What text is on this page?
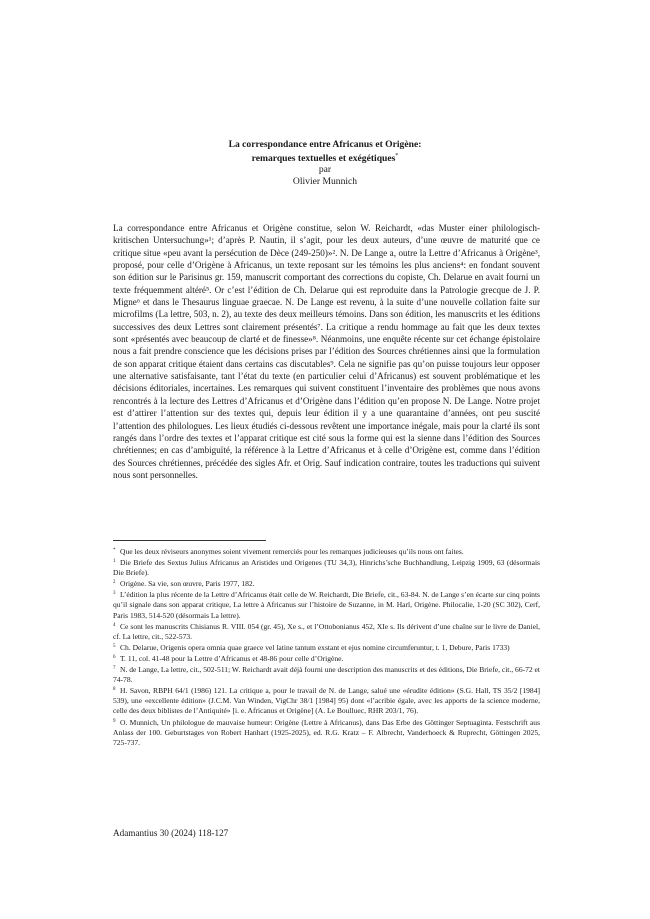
La correspondance entre Africanus et Origène:
remarques textuelles et exégétiques*
par
Olivier Munnich

La correspondance entre Africanus et Origène constitue, selon W. Reichardt, «das Muster einer philologisch-kritischen Untersuchung»¹; d’après P. Nautin, il s’agit, pour les deux auteurs, d’une œuvre de maturité que ce critique situe «peu avant la persécution de Dèce (249-250)»². N. De Lange a, outre la Lettre d’Africanus à Origène³, proposé, pour celle d’Origène à Africanus, un texte reposant sur les témoins les plus anciens⁴: en fondant souvent son édition sur le Parisinus gr. 159, manuscrit comportant des corrections du copiste, Ch. Delarue en avait fourni un texte fréquemment altéré⁵. Or c’est l’édition de Ch. Delarue qui est reproduite dans la Patrologie grecque de J. P. Migne⁶ et dans le Thesaurus linguae graecae. N. De Lange est revenu, à la suite d’une nouvelle collation faite sur microfilms (La lettre, 503, n. 2), au texte des deux meilleurs témoins. Dans son édition, les manuscrits et les éditions successives des deux Lettres sont clairement présentés⁷. La critique a rendu hommage au fait que les deux textes sont «présentés avec beaucoup de clarté et de finesse»⁸. Néanmoins, une enquête récente sur cet échange épistolaire nous a fait prendre conscience que les décisions prises par l’édition des Sources chrétiennes ainsi que la formulation de son apparat critique étaient dans certains cas discutables⁹. Cela ne signifie pas qu’on puisse toujours leur opposer une alternative satisfaisante, tant l’état du texte (en particulier celui d’Africanus) est souvent problématique et les décisions éditoriales, incertaines. Les remarques qui suivent constituent l’inventaire des problèmes que nous avons rencontrés à la lecture des Lettres d’Africanus et d’Origène dans l’édition qu’en propose N. De Lange. Notre projet est d’attirer l’attention sur des textes qui, depuis leur édition il y a une quarantaine d’années, ont peu suscité l’attention des philologues. Les lieux étudiés ci-dessous revêtent une importance inégale, mais pour la clarté ils sont rangés dans l’ordre des textes et l’apparat critique est cité sous la forme qui est la sienne dans l’édition des Sources chrétiennes; en cas d’ambiguïté, la référence à la Lettre d’Africanus et à celle d’Origène est, comme dans l’édition des Sources chrétiennes, précédée des sigles Afr. et Orig. Sauf indication contraire, toutes les traductions qui suivent nous sont personnelles.

* Que les deux réviseurs anonymes soient vivement remerciés pour les remarques judicieuses qu’ils nous ont faites.

1 Die Briefe des Sextus Julius Africanus an Aristides und Origenes (TU 34,3), Hinrichs’sche Buchhandlung, Leipzig 1909, 63 (désormais Die Briefe).

2 Origène. Sa vie, son œuvre, Paris 1977, 182.

3 L’édition la plus récente de la Lettre d’Africanus était celle de W. Reichardt, Die Briefe, cit., 63-84. N. de Lange s’en écarte sur cinq points qu’il signale dans son apparat critique, La lettre à Africanus sur l’histoire de Suzanne, in M. Harl, Origène. Philocalie, 1-20 (SC 302), Cerf, Paris 1983, 514-520 (désormais La lettre).

4 Ce sont les manuscrits Chisianus R. VIII. 054 (gr. 45), Xe s., et l’Ottobonianus 452, XIe s. Ils dérivent d’une chaîne sur le livre de Daniel, cf. La lettre, cit., 522-573.

5 Ch. Delarue, Origenis opera omnia quae graece vel latine tantum exstant et ejus nomine circumferuntur, t. 1, Debure, Paris 1733)

6 T. 11, col. 41-48 pour la Lettre d’Africanus et 48-86 pour celle d’Origène.

7 N. de Lange, La lettre, cit., 502-511; W. Reichardt avait déjà fourni une description des manuscrits et des éditions, Die Briefe, cit., 66-72 et 74-78.

8 H. Savon, RBPH 64/1 (1986) 121. La critique a, pour le travail de N. de Lange, salué une «érudite édition» (S.G. Hall, TS 35/2 [1984] 539), une «excellente édition» (J.C.M. Van Winden, VigChr 38/1 [1984] 95) dont «l’acribie égale, avec les apports de la science moderne, celle des deux biblistes de l’Antiquité» [i. e. Africanus et Origène] (A. Le Boulluec, RHR 203/1, 76).

9 O. Munnich, Un philologue de mauvaise humeur: Origène (Lettre à Africanus), dans Das Erbe des Göttinger Septuaginta. Festschrift aus Anlass der 100. Geburtstages von Robert Hanhart (1925-2025), ed. R.G. Kratz – F. Albrecht, Vanderhoeck & Ruprecht, Göttingen 2025, 725-737.

Adamantius 30 (2024) 118-127
